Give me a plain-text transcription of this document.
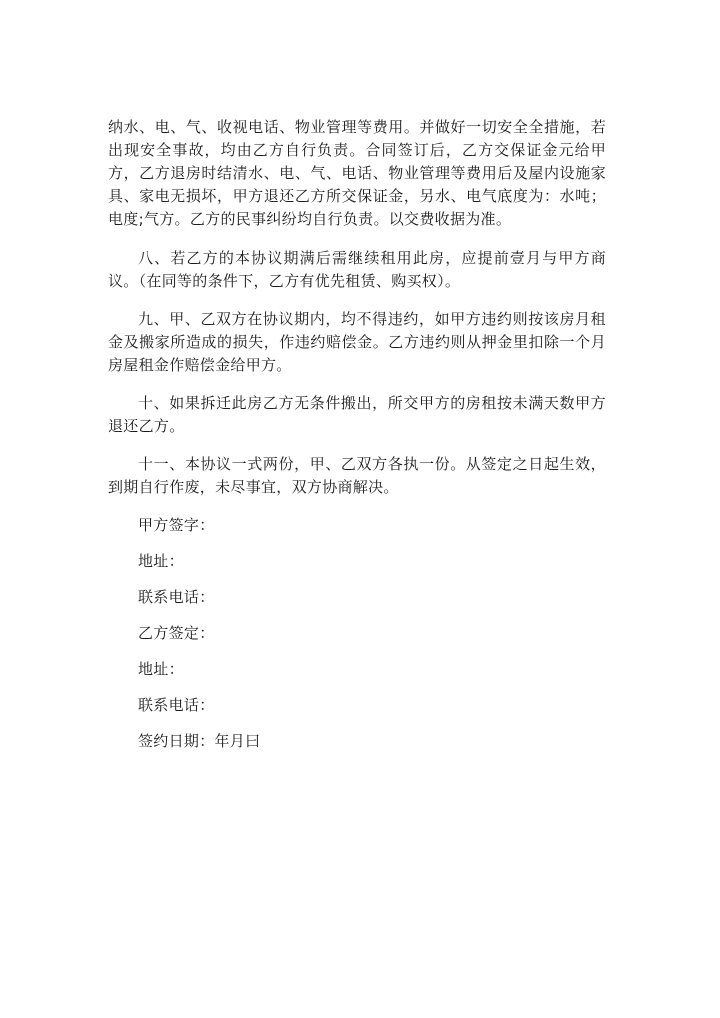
纳水、电、气、收视电话、物业管理等费用。并做好一切安全全措施，若出现安全事故，均由乙方自行负责。合同签订后，乙方交保证金元给甲方，乙方退房时结清水、电、气、电话、物业管理等费用后及屋内设施家具、家电无损坏，甲方退还乙方所交保证金，另水、电气底度为：水吨；电度;气方。乙方的民事纠纷均自行负责。以交费收据为准。

八、若乙方的本协议期满后需继续租用此房，应提前壹月与甲方商议。（在同等的条件下，乙方有优先租赁、购买权）。

九、甲、乙双方在协议期内，均不得违约，如甲方违约则按该房月租金及搬家所造成的损失，作违约赔偿金。乙方违约则从押金里扣除一个月房屋租金作赔偿金给甲方。

十、如果拆迁此房乙方无条件搬出，所交甲方的房租按未满天数甲方退还乙方。

十一、本协议一式两份，甲、乙双方各执一份。从签定之日起生效，到期自行作废，未尽事宜，双方协商解决。

甲方签字：

地址：

联系电话：

乙方签定：

地址：

联系电话：

签约日期：年月曰
